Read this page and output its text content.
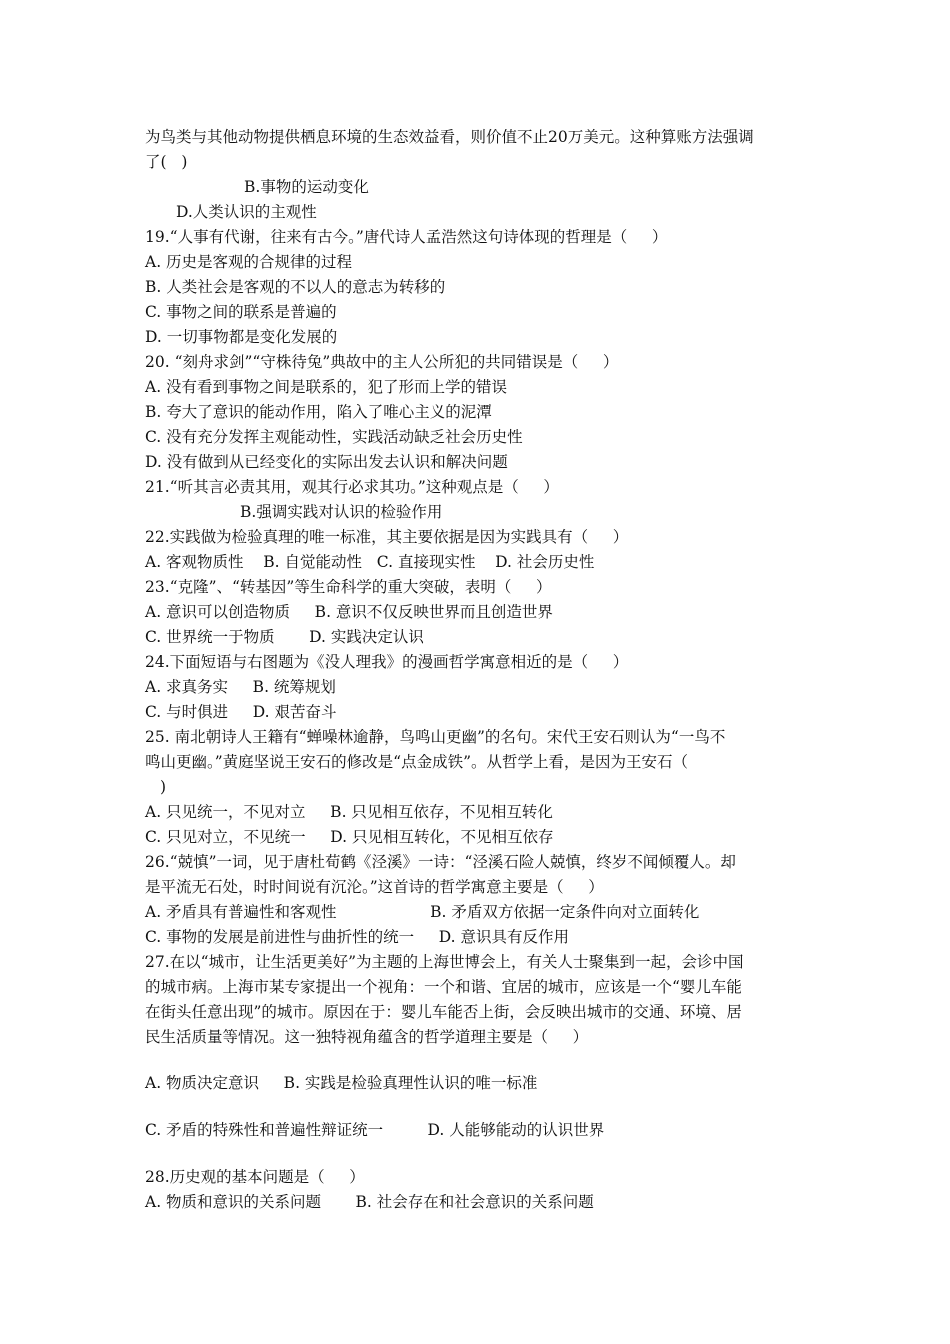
为鸟类与其他动物提供栖息环境的生态效益看，则价值不止20万美元。这种算账方法强调
了(   )
B.事物的运动变化
D.人类认识的主观性
19.“人事有代谢，往来有古今。”唐代诗人孟浩然这句诗体现的哲理是（     ）
A. 历史是客观的合规律的过程
B. 人类社会是客观的不以人的意志为转移的
C. 事物之间的联系是普遍的
D. 一切事物都是变化发展的
20. “刻舟求剑”“守株待兔”典故中的主人公所犯的共同错误是（     ）
A. 没有看到事物之间是联系的，犯了形而上学的错误
B. 夸大了意识的能动作用，陷入了唯心主义的泥潭
C. 没有充分发挥主观能动性，实践活动缺乏社会历史性
D. 没有做到从已经变化的实际出发去认识和解决问题
21.“听其言必责其用，观其行必求其功。”这种观点是（     ）
B.强调实践对认识的检验作用
22.实践做为检验真理的唯一标准，其主要依据是因为实践具有（     ）
A. 客观物质性    B. 自觉能动性   C. 直接现实性    D. 社会历史性
23.“克隆”、“转基因”等生命科学的重大突破，表明（     ）
A. 意识可以创造物质     B. 意识不仅反映世界而且创造世界
C. 世界统一于物质       D. 实践决定认识
24.下面短语与右图题为《没人理我》的漫画哲学寓意相近的是（     ）
A. 求真务实     B. 统筹规划
C. 与时俱进     D. 艰苦奋斗
25. 南北朝诗人王籍有“蝉噪林逾静，鸟鸣山更幽”的名句。宋代王安石则认为“一鸟不
鸣山更幽。”黄庭坚说王安石的修改是“点金成铁”。从哲学上看，是因为王安石（
)
A. 只见统一，不见对立     B. 只见相互依存，不见相互转化
C. 只见对立，不见统一     D. 只见相互转化，不见相互依存
26.“兢慎”一词，见于唐杜荀鹤《泾溪》一诗：“泾溪石险人兢慎，终岁不闻倾覆人。却
是平流无石处，时时间说有沉沦。”这首诗的哲学寓意主要是（     ）
A. 矛盾具有普遍性和客观性                   B. 矛盾双方依据一定条件向对立面转化
C. 事物的发展是前进性与曲折性的统一     D. 意识具有反作用
27.在以“城市，让生活更美好”为主题的上海世博会上，有关人士聚集到一起，会诊中国
的城市病。上海市某专家提出一个视角：一个和谐、宜居的城市，应该是一个“婴儿车能
在街头任意出现”的城市。原因在于：婴儿车能否上街，会反映出城市的交通、环境、居
民生活质量等情况。这一独特视角蕴含的哲学道理主要是（     ）
A. 物质决定意识     B. 实践是检验真理性认识的唯一标准
C. 矛盾的特殊性和普遍性辩证统一         D. 人能够能动的认识世界
28.历史观的基本问题是（     ）
A. 物质和意识的关系问题       B. 社会存在和社会意识的关系问题
